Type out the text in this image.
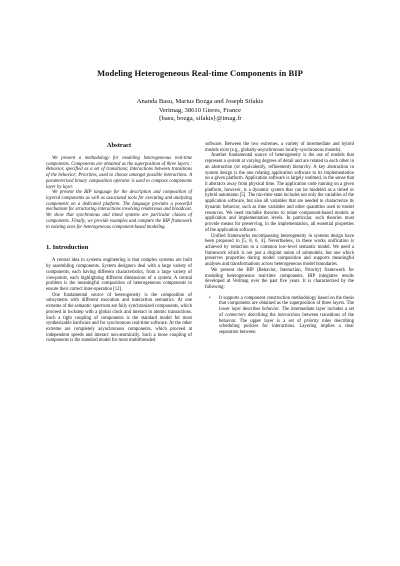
Modeling Heterogeneous Real-time Components in BIP
Ananda Basu, Marius Bozga and Joseph Sifakis
Verimag, 38610 Gieres, France
{basu, bozga, sifakis}@imag.fr
Abstract

We present a methodology for modeling heterogeneous real-time components. Components are obtained as the superposition of three layers : Behavior, specified as a set of transitions; Interactions between transitions of the behavior; Priorities, used to choose amongst possible interactions. A parameterized binary composition operator is used to compose components layer by layer.

We present the BIP language for the description and composition of layered components as well as associated tools for executing and analyzing components on a dedicated platform. The language provides a powerful mechanism for structuring interactions involving rendezvous and broadcast. We show that synchronous and timed systems are particular classes of components. Finally, we provide examples and compare the BIP framework to existing ones for heterogeneous component-based modeling.

1. Introduction

A central idea in systems engineering is that complex systems are built by assembling components. System designers deal with a large variety of components, each having different characteristics, from a large variety of viewpoints, each highlighting different dimensions of a system. A central problem is the meaningful composition of heterogeneous components to ensure their correct inter-operation [12].

One fundamental source of heterogeneity is the composition of subsystems with different execution and interaction semantics. At one extreme of the semantic spectrum are fully synchronized components, which proceed in lockstep with a global clock and interact in atomic transactions. Such a tight coupling of components is the standard model for most synthesizable hardware and for synchronous real-time software. At the other extreme are completely asynchronous components, which proceed at independent speeds and interact non-atomically. Such a loose coupling of components is the standard model for most multithreaded

software. Between the two extremes, a variety of intermediate and hybrid models exist (e.g., globally-asynchronous locally-synchronous models).

Another fundamental source of heterogeneity is the use of models that represent a system at varying degrees of detail and are related to each other in an abstraction (or equivalently, refinement) hierarchy. A key abstraction in system design is the one relating application software to its implementation on a given platform. Application software is largely untimed, in the sense that it abstracts away from physical time. The application code running on a given platform, however, is a dynamic system that can be modeled as a timed or hybrid automaton [5]. The run-time state includes not only the variables of the application software, but also all variables that are needed to characterize its dynamic behavior, such as time variables and other quantities used to model resources. We need tractable theories to relate component-based models at application and implementation levels. In particular, such theories must provide means for preserving, in the implementation, all essential properties of the application software.

Unified frameworks encompassing heterogeneity in systems design have been proposed in [5, 8, 6, 4]. Nevertheless, in these works unification is achieved by reduction to a common low-level semantic model. We need a framework which is not just a disjoint union of submodels, but one which preserves properties during model composition and supports meaningful analyses and transformations across heterogeneous model boundaries.

We present the BIP (Behavior, Interaction, Priority) framework for modeling heterogeneous real-time components. BIP integrates results developed at Verimag over the past five years. It is characterized by the following:

• It supports a component construction methodology based on the thesis that components are obtained as the superposition of three layers. The lower layer describes behavior. The intermediate layer includes a set of connectors describing the interactions between transitions of the behavior. The upper layer is a set of priority rules describing scheduling policies for interactions. Layering implies a clear separation between
